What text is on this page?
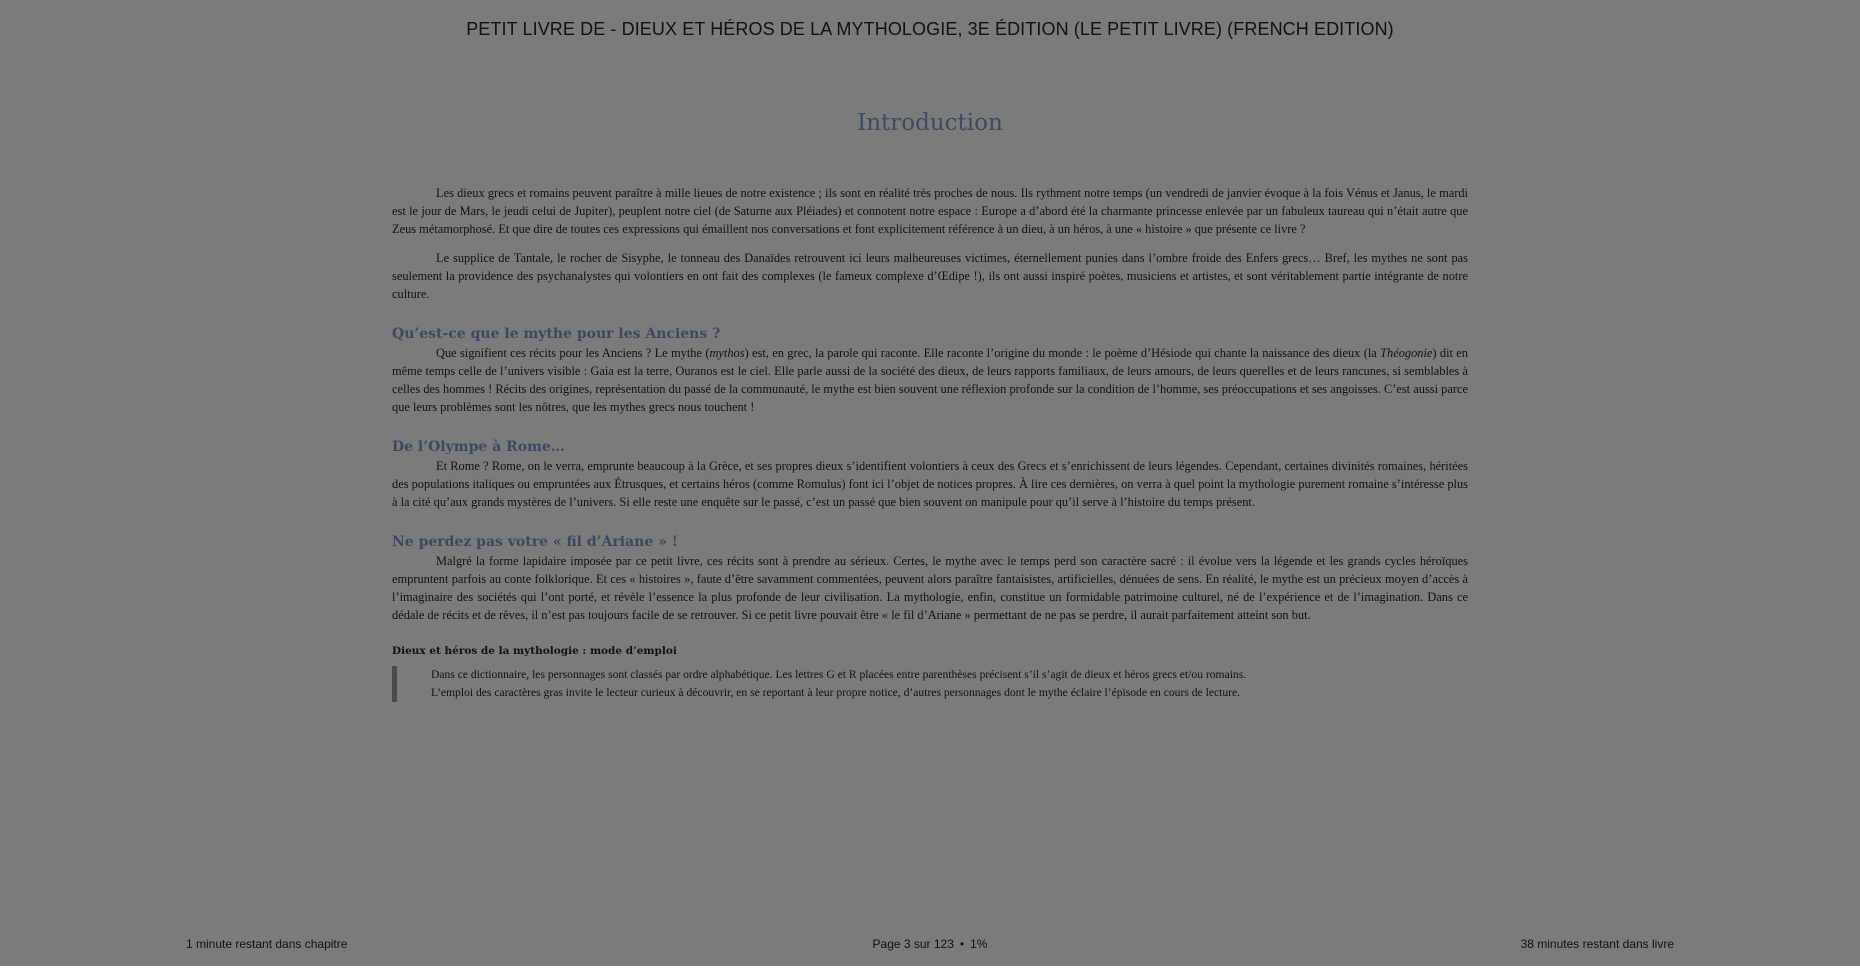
PETIT LIVRE DE - DIEUX ET HÉROS DE LA MYTHOLOGIE, 3E ÉDITION (LE PETIT LIVRE) (FRENCH EDITION)
Introduction

Les dieux grecs et romains peuvent paraître à mille lieues de notre existence ; ils sont en réalité très proches de nous. Ils rythment notre temps (un vendredi de janvier évoque à la fois Vénus et Janus, le mardi est le jour de Mars, le jeudi celui de Jupiter), peuplent notre ciel (de Saturne aux Pléiades) et connotent notre espace : Europe a d’abord été la charmante princesse enlevée par un fabuleux taureau qui n’était autre que Zeus métamorphosé. Et que dire de toutes ces expressions qui émaillent nos conversations et font explicitement référence à un dieu, à un héros, à une « histoire » que présente ce livre ?

Le supplice de Tantale, le rocher de Sisyphe, le tonneau des Danaïdes retrouvent ici leurs malheureuses victimes, éternellement punies dans l’ombre froide des Enfers grecs… Bref, les mythes ne sont pas seulement la providence des psychanalystes qui volontiers en ont fait des complexes (le fameux complexe d’Œdipe !), ils ont aussi inspiré poètes, musiciens et artistes, et sont véritablement partie intégrante de notre culture.

Qu’est-ce que le mythe pour les Anciens ?

Que signifient ces récits pour les Anciens ? Le mythe (mythos) est, en grec, la parole qui raconte. Elle raconte l’origine du monde : le poème d’Hésiode qui chante la naissance des dieux (la Théogonie) dit en même temps celle de l’univers visible : Gaia est la terre, Ouranos est le ciel. Elle parle aussi de la société des dieux, de leurs rapports familiaux, de leurs amours, de leurs querelles et de leurs rancunes, si semblables à celles des hommes ! Récits des origines, représentation du passé de la communauté, le mythe est bien souvent une réflexion profonde sur la condition de l’homme, ses préoccupations et ses angoisses. C’est aussi parce que leurs problèmes sont les nôtres, que les mythes grecs nous touchent !

De l’Olympe à Rome…

Et Rome ? Rome, on le verra, emprunte beaucoup à la Grèce, et ses propres dieux s’identifient volontiers à ceux des Grecs et s’enrichissent de leurs légendes. Cependant, certaines divinités romaines, héritées des populations italiques ou empruntées aux Étrusques, et certains héros (comme Romulus) font ici l’objet de notices propres. À lire ces dernières, on verra à quel point la mythologie purement romaine s’intéresse plus à la cité qu’aux grands mystères de l’univers. Si elle reste une enquête sur le passé, c’est un passé que bien souvent on manipule pour qu’il serve à l’histoire du temps présent.

Ne perdez pas votre « fil d’Ariane » !

Malgré la forme lapidaire imposée par ce petit livre, ces récits sont à prendre au sérieux. Certes, le mythe avec le temps perd son caractère sacré : il évolue vers la légende et les grands cycles héroïques empruntent parfois au conte folklorique. Et ces « histoires », faute d’être savamment commentées, peuvent alors paraître fantaisistes, artificielles, dénuées de sens. En réalité, le mythe est un précieux moyen d’accès à l’imaginaire des sociétés qui l’ont porté, et révèle l’essence la plus profonde de leur civilisation. La mythologie, enfin, constitue un formidable patrimoine culturel, né de l’expérience et de l’imagination. Dans ce dédale de récits et de rêves, il n’est pas toujours facile de se retrouver. Si ce petit livre pouvait être « le fil d’Ariane » permettant de ne pas se perdre, il aurait parfaitement atteint son but.

Dieux et héros de la mythologie : mode d’emploi
Dans ce dictionnaire, les personnages sont classés par ordre alphabétique. Les lettres G et R placées entre parenthèses précisent s’il s’agit de dieux et héros grecs et/ou romains.
L’emploi des caractères gras invite le lecteur curieux à découvrir, en se reportant à leur propre notice, d’autres personnages dont le mythe éclaire l’épisode en cours de lecture.
1 minute restant dans chapitre	Page 3 sur 123 • 1%	38 minutes restant dans livre
